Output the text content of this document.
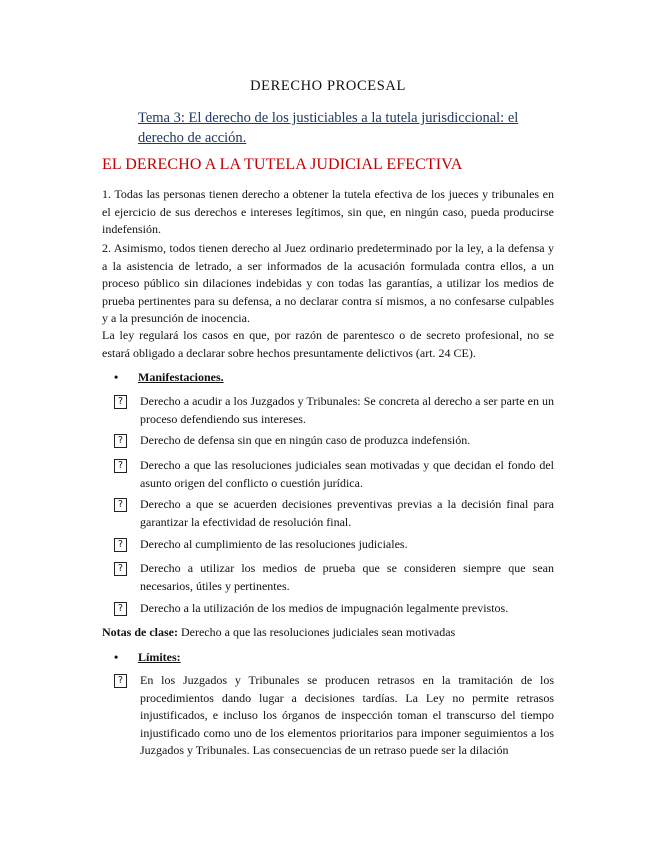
DERECHO PROCESAL
Tema 3: El derecho de los justiciables a la tutela jurisdiccional: el derecho de acción.
EL DERECHO A LA TUTELA JUDICIAL EFECTIVA
1. Todas las personas tienen derecho a obtener la tutela efectiva de los jueces y tribunales en el ejercicio de sus derechos e intereses legítimos, sin que, en ningún caso, pueda producirse indefensión.
2. Asimismo, todos tienen derecho al Juez ordinario predeterminado por la ley, a la defensa y a la asistencia de letrado, a ser informados de la acusación formulada contra ellos, a un proceso público sin dilaciones indebidas y con todas las garantías, a utilizar los medios de prueba pertinentes para su defensa, a no declarar contra sí mismos, a no confesarse culpables y a la presunción de inocencia.
La ley regulará los casos en que, por razón de parentesco o de secreto profesional, no se estará obligado a declarar sobre hechos presuntamente delictivos (art. 24 CE).
• Manifestaciones.
?	Derecho a acudir a los Juzgados y Tribunales: Se concreta al derecho a ser parte en un proceso defendiendo sus intereses.
?	Derecho de defensa sin que en ningún caso de produzca indefensión.
?	Derecho a que las resoluciones judiciales sean motivadas y que decidan el fondo del asunto origen del conflicto o cuestión jurídica.
?	Derecho a que se acuerden decisiones preventivas previas a la decisión final para garantizar la efectividad de resolución final.
?	Derecho al cumplimiento de las resoluciones judiciales.
?	Derecho a utilizar los medios de prueba que se consideren siempre que sean necesarios, útiles y pertinentes.
?	Derecho a la utilización de los medios de impugnación legalmente previstos.
Notas de clase: Derecho a que las resoluciones judiciales sean motivadas
• Límites:
?	En los Juzgados y Tribunales se producen retrasos en la tramitación de los procedimientos dando lugar a decisiones tardías. La Ley no permite retrasos injustificados, e incluso los órganos de inspección toman el transcurso del tiempo injustificado como uno de los elementos prioritarios para imponer seguimientos a los Juzgados y Tribunales. Las consecuencias de un retraso puede ser la dilación
